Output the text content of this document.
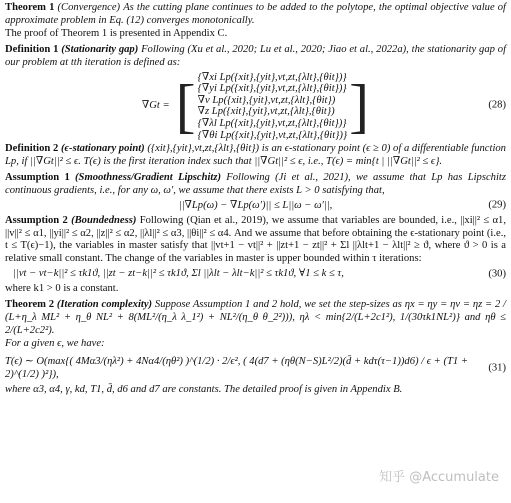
Theorem 1 (Convergence) As the cutting plane continues to be added to the polytope, the optimal objective value of approximate problem in Eq. (12) converges monotonically.

The proof of Theorem 1 is presented in Appendix C.

Definition 1 (Stationarity gap) Following (Xu et al., 2020; Lu et al., 2020; Jiao et al., 2022a), the stationarity gap of our problem at tth iteration is defined as:

∇Gt = [ {∇xi Lp({xit},{yit},vt,zt,{λlt},{θit})}
{∇yi Lp({xit},{yit},vt,zt,{λlt},{θit})}
∇v Lp({xit},{yit},vt,zt,{λlt},{θit})
∇z Lp({xit},{yit},vt,zt,{λlt},{θit})
{∇λl Lp({xit},{yit},vt,zt,{λlt},{θit})}
{∇θi Lp({xit},{yit},vt,zt,{λlt},{θit})} ]	(28)

Definition 2 (ϵ-stationary point) ({xit},{yit},vt,zt,{λlt},{θit}) is an ϵ-stationary point (ϵ ≥ 0) of a differentiable function Lp, if ||∇Gt||² ≤ ϵ. T(ϵ) is the first iteration index such that ||∇Gt||² ≤ ϵ, i.e., T(ϵ) = min{t | ||∇Gt||² ≤ ϵ}.

Assumption 1 (Smoothness/Gradient Lipschitz) Following (Ji et al., 2021), we assume that Lp has Lipschitz continuous gradients, i.e., for any ω, ω′, we assume that there exists L > 0 satisfying that,

||∇Lp(ω) − ∇Lp(ω′)|| ≤ L||ω − ω′||,	(29)

Assumption 2 (Boundedness) Following (Qian et al., 2019), we assume that variables are bounded, i.e., ||xi||² ≤ α1, ||v||² ≤ α1, ||yi||² ≤ α2, ||z||² ≤ α2, ||λl||² ≤ α3, ||θi||² ≤ α4. And we assume that before obtaining the ϵ-stationary point (i.e., t ≤ T(ϵ)−1), the variables in master satisfy that ||vt+1 − vt||² + ||zt+1 − zt||² + Σl ||λlt+1 − λlt||² ≥ ϑ, where ϑ > 0 is a relative small constant. The change of the variables in master is upper bounded within τ iterations:

||vt − vt−k||² ≤ τk1ϑ, ||zt − zt−k||² ≤ τk1ϑ, Σl ||λlt − λlt−k||² ≤ τk1ϑ, ∀1 ≤ k ≤ τ,	(30)

where k1 > 0 is a constant.

Theorem 2 (Iteration complexity) Suppose Assumption 1 and 2 hold, we set the step-sizes as ηx = ηy = ηv = ηz = 2 / (L+η_λ ML² + η_θ NL² + 8(ML²/(η_λ λ_1²) + NL²/(η_θ θ_2²))), ηλ < min{2/(L+2c1²), 1/(30τk1NL²)} and ηθ ≤ 2/(L+2c2²).

For a given ϵ, we have:

T(ϵ) ∼ O(max{( 4Mα3/(ηλ²) + 4Nα4/(ηθ²) )^(1/2) · 2/ϵ², ( 4(d7 + (ηθ(N−S)L²/2)(d̄ + kdτ(τ−1))d6) / ϵ + (T1 + 2)^(1/2) )²}),
(31)

where α3, α4, γ, kd, T1, d̄, d6 and d7 are constants. The detailed proof is given in Appendix B.

知乎 @Accumulate
